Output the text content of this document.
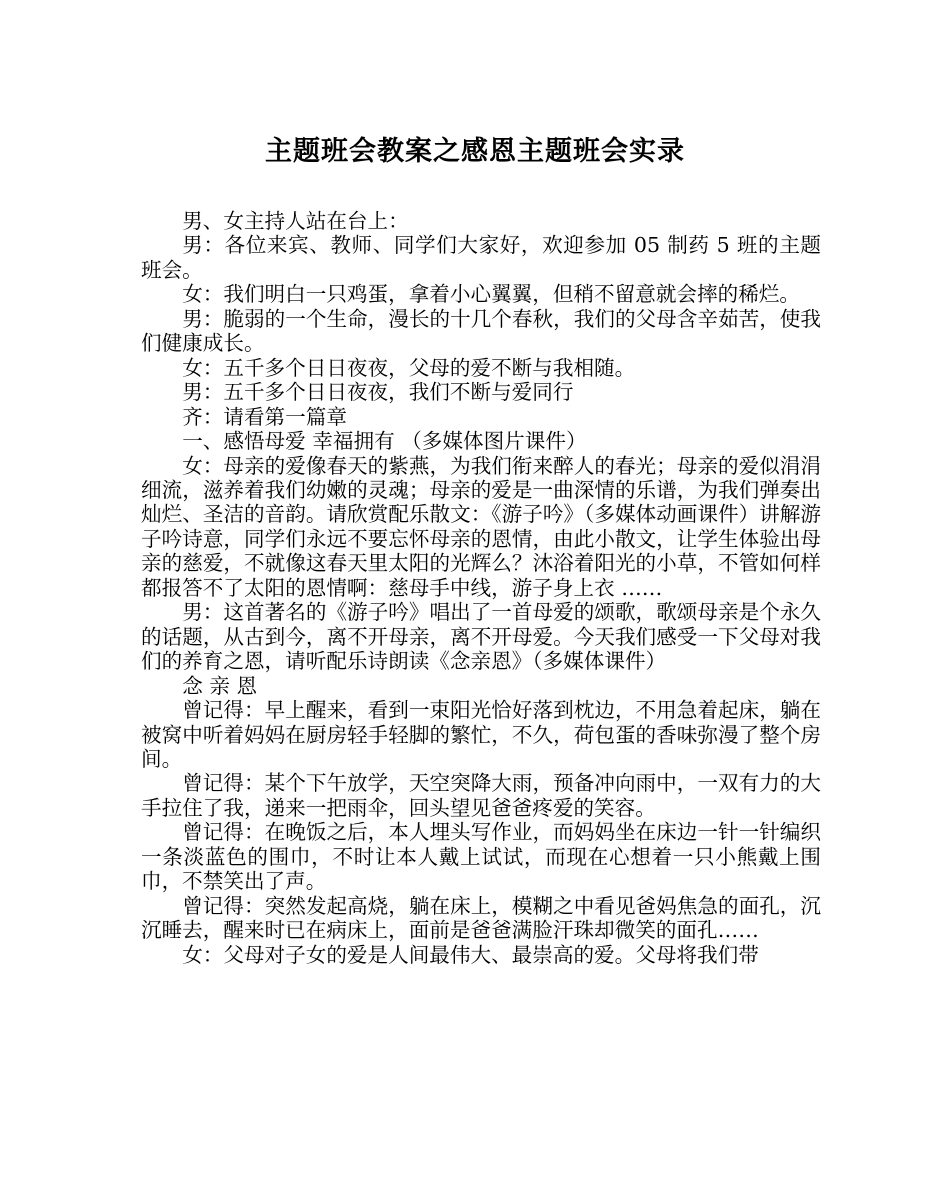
主题班会教案之感恩主题班会实录

男、女主持人站在台上：

男：各位来宾、教师、同学们大家好，欢迎参加 05 制药 5 班的主题班会。

女：我们明白一只鸡蛋，拿着小心翼翼，但稍不留意就会摔的稀烂。

男：脆弱的一个生命，漫长的十几个春秋，我们的父母含辛茹苦，使我们健康成长。

女：五千多个日日夜夜，父母的爱不断与我相随。

男：五千多个日日夜夜，我们不断与爱同行

齐：请看第一篇章

一、感悟母爱 幸福拥有 （多媒体图片课件）

女：母亲的爱像春天的紫燕，为我们衔来醉人的春光；母亲的爱似涓涓细流，滋养着我们幼嫩的灵魂；母亲的爱是一曲深情的乐谱，为我们弹奏出灿烂、圣洁的音韵。请欣赏配乐散文：《游子吟》（多媒体动画课件）讲解游子吟诗意，同学们永远不要忘怀母亲的恩情，由此小散文，让学生体验出母亲的慈爱，不就像这春天里太阳的光辉么？沐浴着阳光的小草，不管如何样都报答不了太阳的恩情啊：慈母手中线，游子身上衣 ……

男：这首著名的《游子吟》唱出了一首母爱的颂歌，歌颂母亲是个永久的话题，从古到今，离不开母亲，离不开母爱。今天我们感受一下父母对我们的养育之恩，请听配乐诗朗读《念亲恩》（多媒体课件）

念 亲 恩

曾记得：早上醒来，看到一束阳光恰好落到枕边，不用急着起床，躺在被窝中听着妈妈在厨房轻手轻脚的繁忙，不久，荷包蛋的香味弥漫了整个房间。

曾记得：某个下午放学，天空突降大雨，预备冲向雨中，一双有力的大手拉住了我，递来一把雨伞，回头望见爸爸疼爱的笑容。

曾记得：在晚饭之后，本人埋头写作业，而妈妈坐在床边一针一针编织一条淡蓝色的围巾，不时让本人戴上试试，而现在心想着一只小熊戴上围巾，不禁笑出了声。

曾记得：突然发起高烧，躺在床上，模糊之中看见爸妈焦急的面孔，沉沉睡去，醒来时已在病床上，面前是爸爸满脸汗珠却微笑的面孔……

女：父母对子女的爱是人间最伟大、最崇高的爱。父母将我们带
